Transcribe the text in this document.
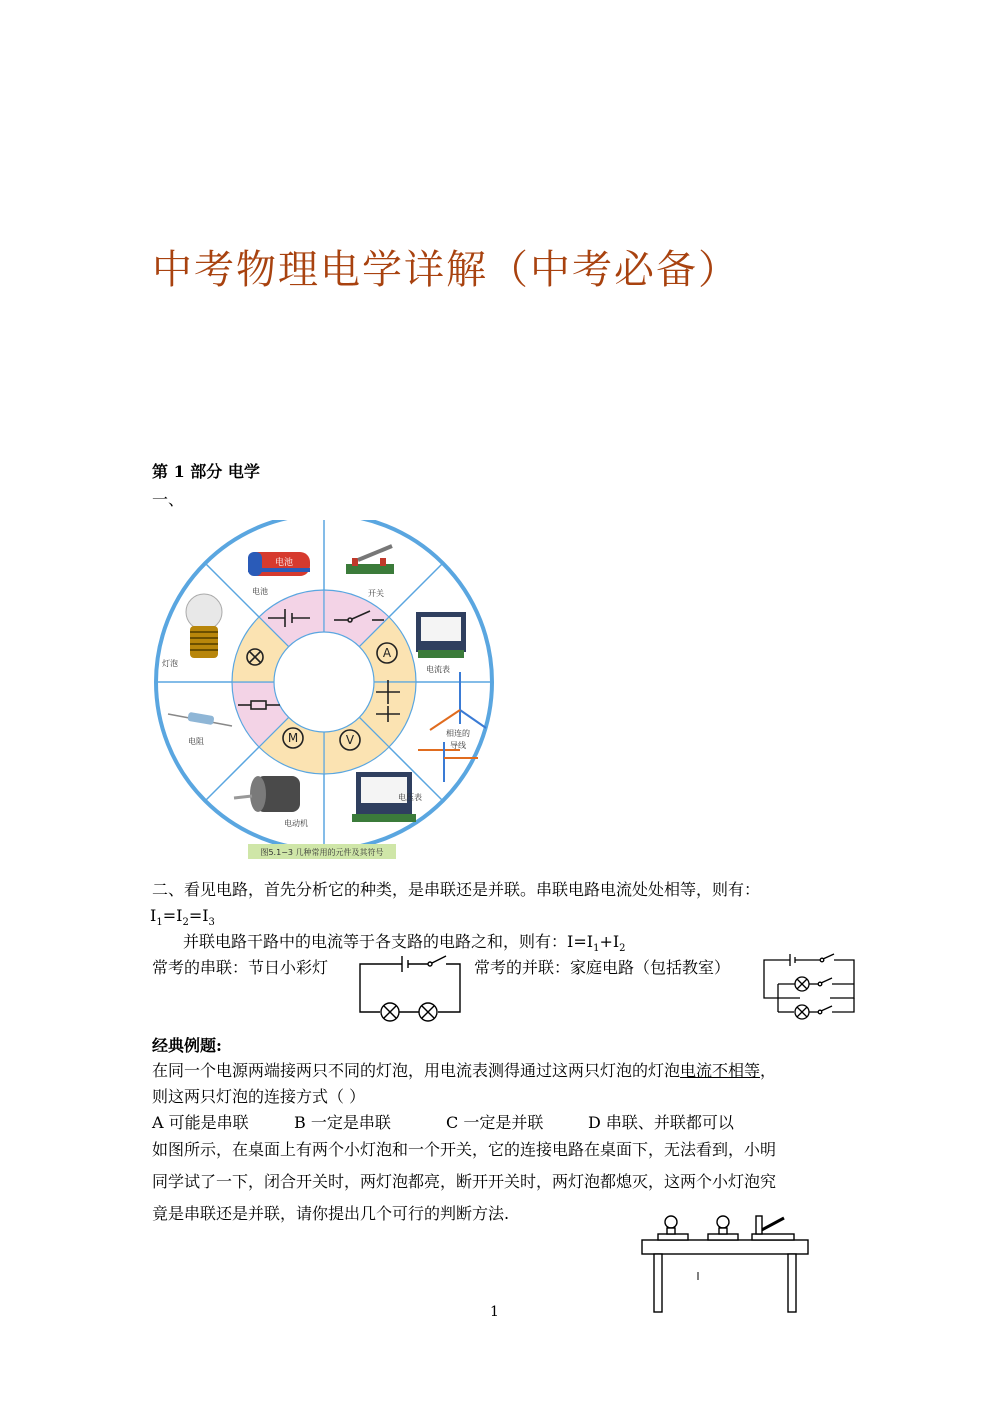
中考物理电学详解（中考必备）
第 1 部分 电学
一、
A
M	V
电池
电池	开关
灯泡
电流表
电阻
相连的
导线
电动机
电压表
图5.1−3 几种常用的元件及其符号
二、看见电路，首先分析它的种类，是串联还是并联。串联电路电流处处相等，则有：
$I_1=I_2=I_3$
并联电路干路中的电流等于各支路的电路之和，则有：$I=I_1+I_2$
常考的串联：节日小彩灯	常考的并联：家庭电路（包括教室）
经典例题:
在同一个电源两端接两只不同的灯泡，用电流表测得通过这两只灯泡的灯泡电流不相等，
则这两只灯泡的连接方式（ ）
A 可能是串联	B 一定是串联	C 一定是并联	D 串联、并联都可以
如图所示，在桌面上有两个小灯泡和一个开关，它的连接电路在桌面下，无法看到，小明
同学试了一下，闭合开关时，两灯泡都亮，断开开关时，两灯泡都熄灭，这两个小灯泡究
竟是串联还是并联，请你提出几个可行的判断方法.
1
